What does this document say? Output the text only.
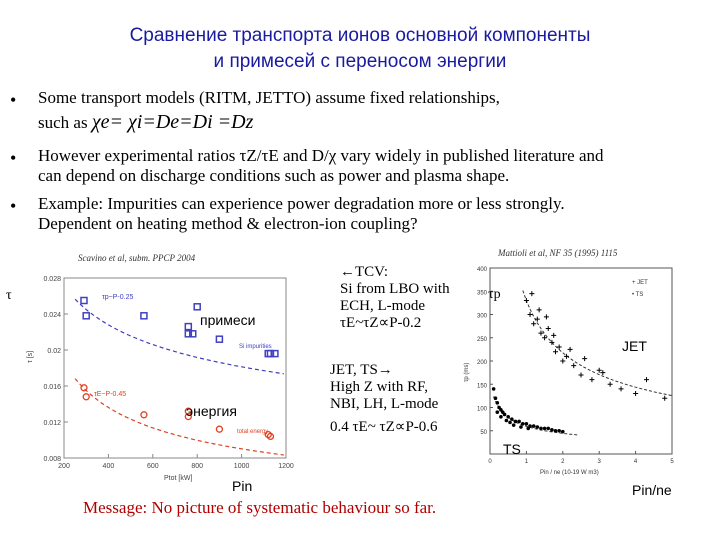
Сравнение транспорта ионов основной компоненты
и примесей с переносом энергии
• Some transport models (RITM, JETTO) assume fixed relationships,
such as χe= χi=De=Di =Dz
• However experimental ratios τZ/τE and D/χ vary widely in published literature and
can depend on discharge conditions such as power and plasma shape.
• Example: Impurities can experience power degradation more or less strongly.
Dependent on heating method & electron-ion coupling?
Scavino et al, subm. PPCP 2004
τ
0.028
0.024
0.02
0.016
0.012
0.008
200	400	600	800	1000	1200
Ptot [kW]
τ [s]
τp~P-0.25
τE~P-0.45
Si impurities
total energy
примеси
энергия
Pin
←TCV:
Si from LBO with
ECH, L-mode
τE~τZ∝P-0.2
JET, TS→
High Z with RF,
NBI, LH, L-mode
0.4 τE~ τZ∝P-0.6
Mattioli et al, NF 35 (1995) 1115
400
350
300
250
200
150
100
50
0	1	2	3	4	5
Pin / ne (10-19 W m3)
τp (ms)
+ JET
• TS
τp
JET
TS
Pin/ne
Message: No picture of systematic behaviour so far.
